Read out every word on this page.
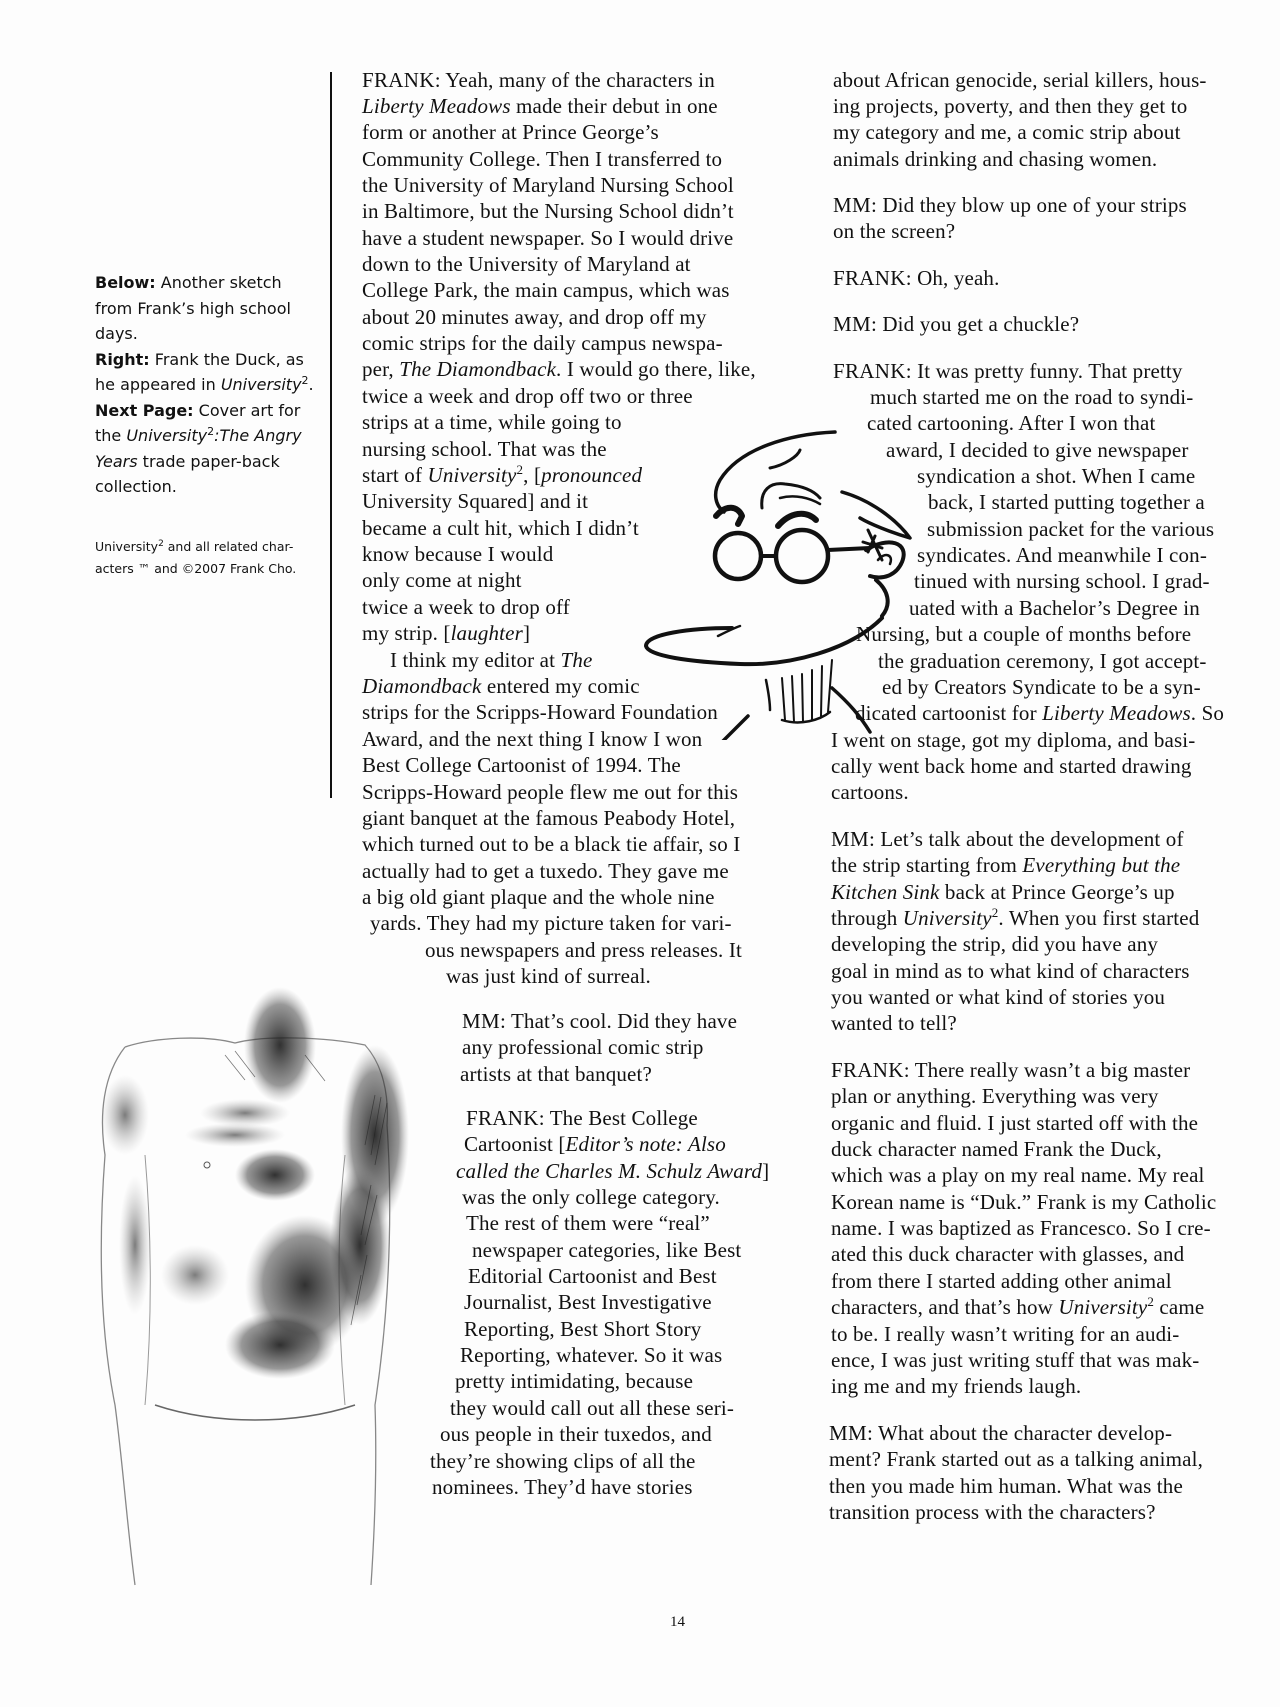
Below: Another sketch from Frank’s high school days.
Right: Frank the Duck, as he appeared in University$^2$.
Next Page: Cover art for the University$^2$:The Angry Years trade paper-back collection.
University$^2$ and all related char-acters ™ and ©2007 Frank Cho.
FRANK: Yeah, many of the characters in
Liberty Meadows made their debut in one
form or another at Prince George’s
Community College. Then I transferred to
the University of Maryland Nursing School
in Baltimore, but the Nursing School didn’t
have a student newspaper. So I would drive
down to the University of Maryland at
College Park, the main campus, which was
about 20 minutes away, and drop off my
comic strips for the daily campus newspa-
per, The Diamondback. I would go there, like,
twice a week and drop off two or three
strips at a time, while going to
nursing school. That was the
start of University$^2$, [pronounced
University Squared] and it
became a cult hit, which I didn’t
know because I would
only come at night
twice a week to drop off
my strip. [laughter]
I think my editor at The
Diamondback entered my comic
strips for the Scripps-Howard Foundation
Award, and the next thing I know I won
Best College Cartoonist of 1994. The
Scripps-Howard people flew me out for this
giant banquet at the famous Peabody Hotel,
which turned out to be a black tie affair, so I
actually had to get a tuxedo. They gave me
a big old giant plaque and the whole nine
yards. They had my picture taken for vari-
ous newspapers and press releases. It
was just kind of surreal.
MM: That’s cool. Did they have
any professional comic strip
artists at that banquet?
FRANK: The Best College
Cartoonist [Editor’s note: Also
called the Charles M. Schulz Award]
was the only college category.
The rest of them were “real”
newspaper categories, like Best
Editorial Cartoonist and Best
Journalist, Best Investigative
Reporting, Best Short Story
Reporting, whatever. So it was
pretty intimidating, because
they would call out all these seri-
ous people in their tuxedos, and
they’re showing clips of all the
nominees. They’d have stories
about African genocide, serial killers, hous-
ing projects, poverty, and then they get to
my category and me, a comic strip about
animals drinking and chasing women.
MM: Did they blow up one of your strips
on the screen?
FRANK: Oh, yeah.
MM: Did you get a chuckle?
FRANK: It was pretty funny. That pretty
much started me on the road to syndi-
cated cartooning. After I won that
award, I decided to give newspaper
syndication a shot. When I came
back, I started putting together a
submission packet for the various
syndicates. And meanwhile I con-
tinued with nursing school. I grad-
uated with a Bachelor’s Degree in
Nursing, but a couple of months before
the graduation ceremony, I got accept-
ed by Creators Syndicate to be a syn-
dicated cartoonist for Liberty Meadows. So
I went on stage, got my diploma, and basi-
cally went back home and started drawing
cartoons.
MM: Let’s talk about the development of
the strip starting from Everything but the
Kitchen Sink back at Prince George’s up
through University$^2$. When you first started
developing the strip, did you have any
goal in mind as to what kind of characters
you wanted or what kind of stories you
wanted to tell?
FRANK: There really wasn’t a big master
plan or anything. Everything was very
organic and fluid. I just started off with the
duck character named Frank the Duck,
which was a play on my real name. My real
Korean name is “Duk.” Frank is my Catholic
name. I was baptized as Francesco. So I cre-
ated this duck character with glasses, and
from there I started adding other animal
characters, and that’s how University$^2$ came
to be. I really wasn’t writing for an audi-
ence, I was just writing stuff that was mak-
ing me and my friends laugh.
MM: What about the character develop-
ment? Frank started out as a talking animal,
then you made him human. What was the
transition process with the characters?
14
